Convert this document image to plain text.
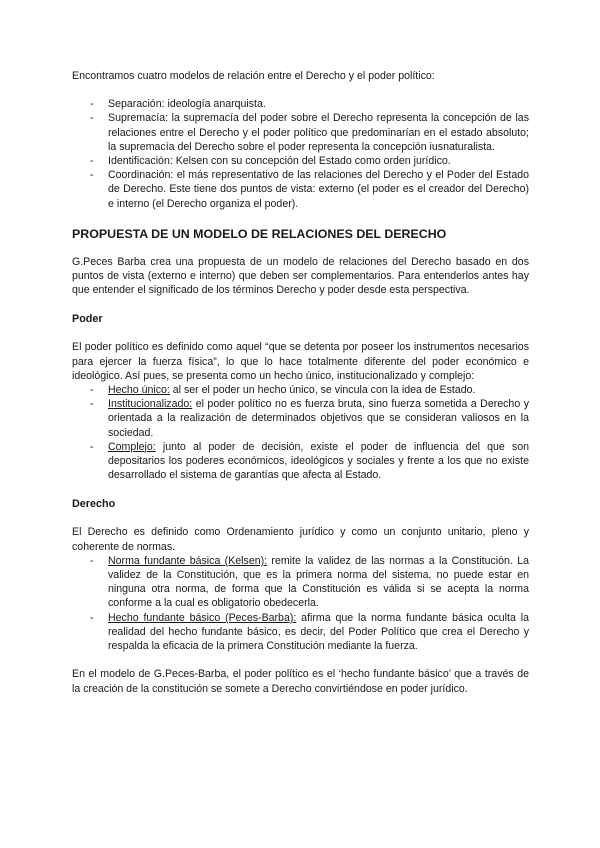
Encontramos cuatro modelos de relación entre el Derecho y el poder político:

- Separación: ideología anarquista.
- Supremacía: la supremacía del poder sobre el Derecho representa la concepción de las relaciones entre el Derecho y el poder político que predominarían en el estado absoluto; la supremacía del Derecho sobre el poder representa la concepción iusnaturalista.
- Identificación: Kelsen con su concepción del Estado como orden jurídico.
- Coordinación: el más representativo de las relaciones del Derecho y el Poder del Estado de Derecho. Este tiene dos puntos de vista: externo (el poder es el creador del Derecho) e interno (el Derecho organiza el poder).
PROPUESTA DE UN MODELO DE RELACIONES DEL DERECHO

G.Peces Barba crea una propuesta de un modelo de relaciones del Derecho basado en dos puntos de vista (externo e interno) que deben ser complementarios. Para entenderlos antes hay que entender el significado de los términos Derecho y poder desde esta perspectiva.

Poder

El poder político es definido como aquel “que se detenta por poseer los instrumentos necesarios para ejercer la fuerza física”, lo que lo hace totalmente diferente del poder económico e ideológico. Así pues, se presenta como un hecho único, institucionalizado y complejo:

- Hecho único: al ser el poder un hecho único, se vincula con la idea de Estado.
- Institucionalizado: el poder político no es fuerza bruta, sino fuerza sometida a Derecho y orientada a la realización de determinados objetivos que se consideran valiosos en la sociedad.
- Complejo: junto al poder de decisión, existe el poder de influencia del que son depositarios los poderes económicos, ideológicos y sociales y frente a los que no existe desarrollado el sistema de garantías que afecta al Estado.
Derecho

El Derecho es definido como Ordenamiento jurídico y como un conjunto unitario, pleno y coherente de normas.

- Norma fundante básica (Kelsen): remite la validez de las normas a la Constitución. La validez de la Constitución, que es la primera norma del sistema, no puede estar en ninguna otra norma, de forma que la Constitución es válida si se acepta la norma conforme a la cual es obligatorio obedecerla.
- Hecho fundante básico (Peces-Barba): afirma que la norma fundante básica oculta la realidad del hecho fundante básico, es decir, del Poder Político que crea el Derecho y respalda la eficacia de la primera Constitución mediante la fuerza.

En el modelo de G.Peces-Barba, el poder político es el ‘hecho fundante básico’ que a través de la creación de la constitución se somete a Derecho convirtiéndose en poder jurídico.
